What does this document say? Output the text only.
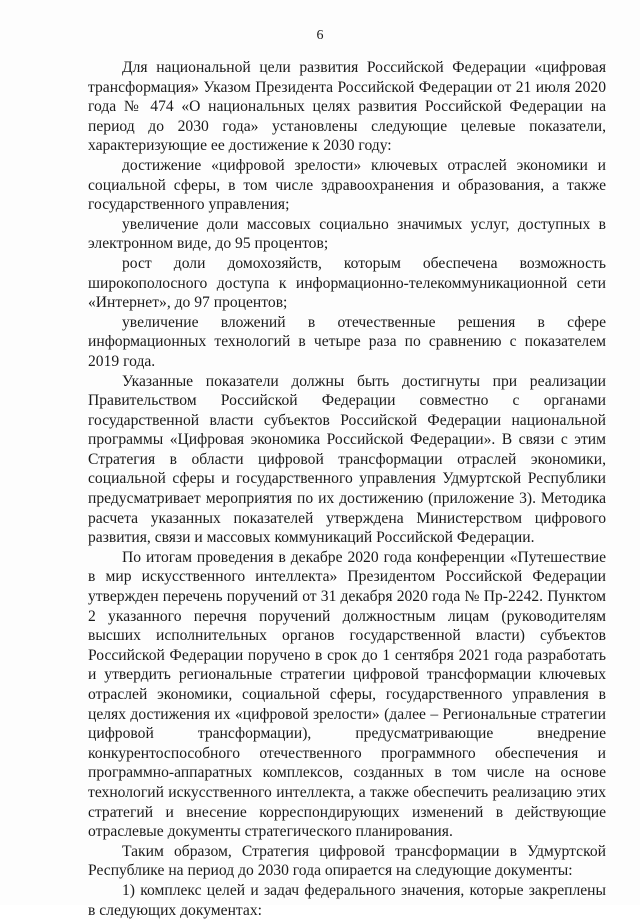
6

Для национальной цели развития Российской Федерации «цифровая трансформация» Указом Президента Российской Федерации от 21 июля 2020 года № 474 «О национальных целях развития Российской Федерации на период до 2030 года» установлены следующие целевые показатели, характеризующие ее достижение к 2030 году:

достижение «цифровой зрелости» ключевых отраслей экономики и социальной сферы, в том числе здравоохранения и образования, а также государственного управления;

увеличение доли массовых социально значимых услуг, доступных в электронном виде, до 95 процентов;

рост доли домохозяйств, которым обеспечена возможность широкополосного доступа к информационно-телекоммуникационной сети «Интернет», до 97 процентов;

увеличение вложений в отечественные решения в сфере информационных технологий в четыре раза по сравнению с показателем 2019 года.

Указанные показатели должны быть достигнуты при реализации Правительством Российской Федерации совместно с органами государственной власти субъектов Российской Федерации национальной программы «Цифровая экономика Российской Федерации». В связи с этим Стратегия в области цифровой трансформации отраслей экономики, социальной сферы и государственного управления Удмуртской Республики предусматривает мероприятия по их достижению (приложение 3). Методика расчета указанных показателей утверждена Министерством цифрового развития, связи и массовых коммуникаций Российской Федерации.

По итогам проведения в декабре 2020 года конференции «Путешествие в мир искусственного интеллекта» Президентом Российской Федерации утвержден перечень поручений от 31 декабря 2020 года № Пр-2242. Пунктом 2 указанного перечня поручений должностным лицам (руководителям высших исполнительных органов государственной власти) субъектов Российской Федерации поручено в срок до 1 сентября 2021 года разработать и утвердить региональные стратегии цифровой трансформации ключевых отраслей экономики, социальной сферы, государственного управления в целях достижения их «цифровой зрелости» (далее – Региональные стратегии цифровой трансформации), предусматривающие внедрение конкурентоспособного отечественного программного обеспечения и программно-аппаратных комплексов, созданных в том числе на основе технологий искусственного интеллекта, а также обеспечить реализацию этих стратегий и внесение корреспондирующих изменений в действующие отраслевые документы стратегического планирования.

Таким образом, Стратегия цифровой трансформации в Удмуртской Республике на период до 2030 года опирается на следующие документы:

1) комплекс целей и задач федерального значения, которые закреплены в следующих документах:
